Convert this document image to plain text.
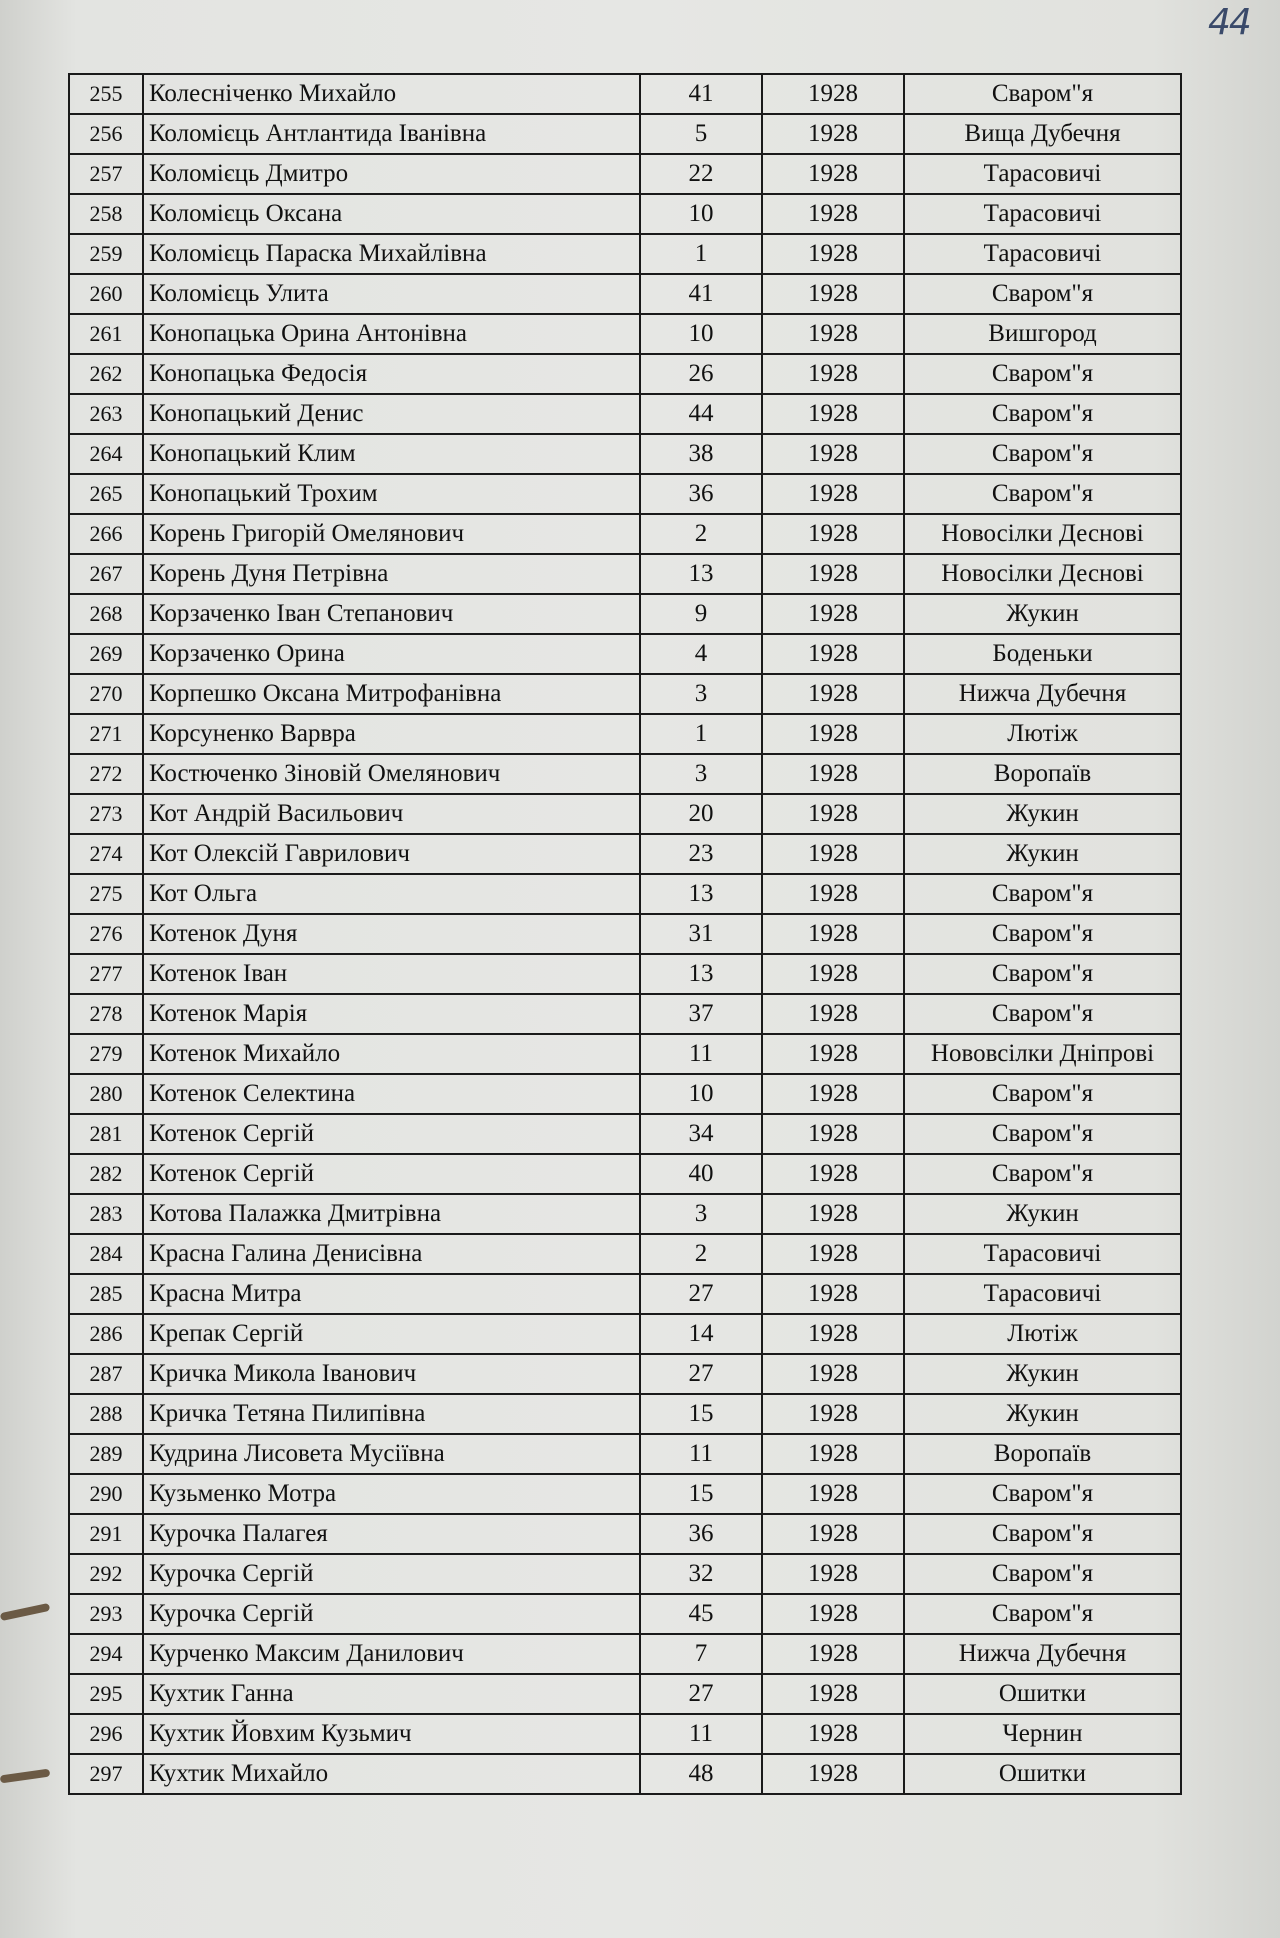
44
255	Колесніченко Михайло	41	1928	Сваром"я
256	Коломієць Антлантида Іванівна	5	1928	Вища Дубечня
257	Коломієць Дмитро	22	1928	Тарасовичі
258	Коломієць Оксана	10	1928	Тарасовичі
259	Коломієць Параска Михайлівна	1	1928	Тарасовичі
260	Коломієць Улита	41	1928	Сваром"я
261	Конопацька Орина Антонівна	10	1928	Вишгород
262	Конопацька Федосія	26	1928	Сваром"я
263	Конопацький Денис	44	1928	Сваром"я
264	Конопацький Клим	38	1928	Сваром"я
265	Конопацький Трохим	36	1928	Сваром"я
266	Корень Григорій Омелянович	2	1928	Новосілки Деснові
267	Корень Дуня Петрівна	13	1928	Новосілки Деснові
268	Корзаченко Іван Степанович	9	1928	Жукин
269	Корзаченко Орина	4	1928	Боденьки
270	Корпешко Оксана Митрофанівна	3	1928	Нижча Дубечня
271	Корсуненко Варвра	1	1928	Лютіж
272	Костюченко Зіновій Омелянович	3	1928	Воропаїв
273	Кот Андрій Васильович	20	1928	Жукин
274	Кот Олексій Гаврилович	23	1928	Жукин
275	Кот Ольга	13	1928	Сваром"я
276	Котенок Дуня	31	1928	Сваром"я
277	Котенок Іван	13	1928	Сваром"я
278	Котенок Марія	37	1928	Сваром"я
279	Котенок Михайло	11	1928	Нововсілки Дніпрові
280	Котенок Селектина	10	1928	Сваром"я
281	Котенок Сергій	34	1928	Сваром"я
282	Котенок Сергій	40	1928	Сваром"я
283	Котова Палажка Дмитрівна	3	1928	Жукин
284	Красна Галина Денисівна	2	1928	Тарасовичі
285	Красна Митра	27	1928	Тарасовичі
286	Крепак Сергій	14	1928	Лютіж
287	Кричка Микола Іванович	27	1928	Жукин
288	Кричка Тетяна Пилипівна	15	1928	Жукин
289	Кудрина Лисовета Мусіївна	11	1928	Воропаїв
290	Кузьменко Мотра	15	1928	Сваром"я
291	Курочка Палагея	36	1928	Сваром"я
292	Курочка Сергій	32	1928	Сваром"я
293	Курочка Сергій	45	1928	Сваром"я
294	Курченко Максим Данилович	7	1928	Нижча Дубечня
295	Кухтик Ганна	27	1928	Ошитки
296	Кухтик Йовхим Кузьмич	11	1928	Чернин
297	Кухтик Михайло	48	1928	Ошитки
